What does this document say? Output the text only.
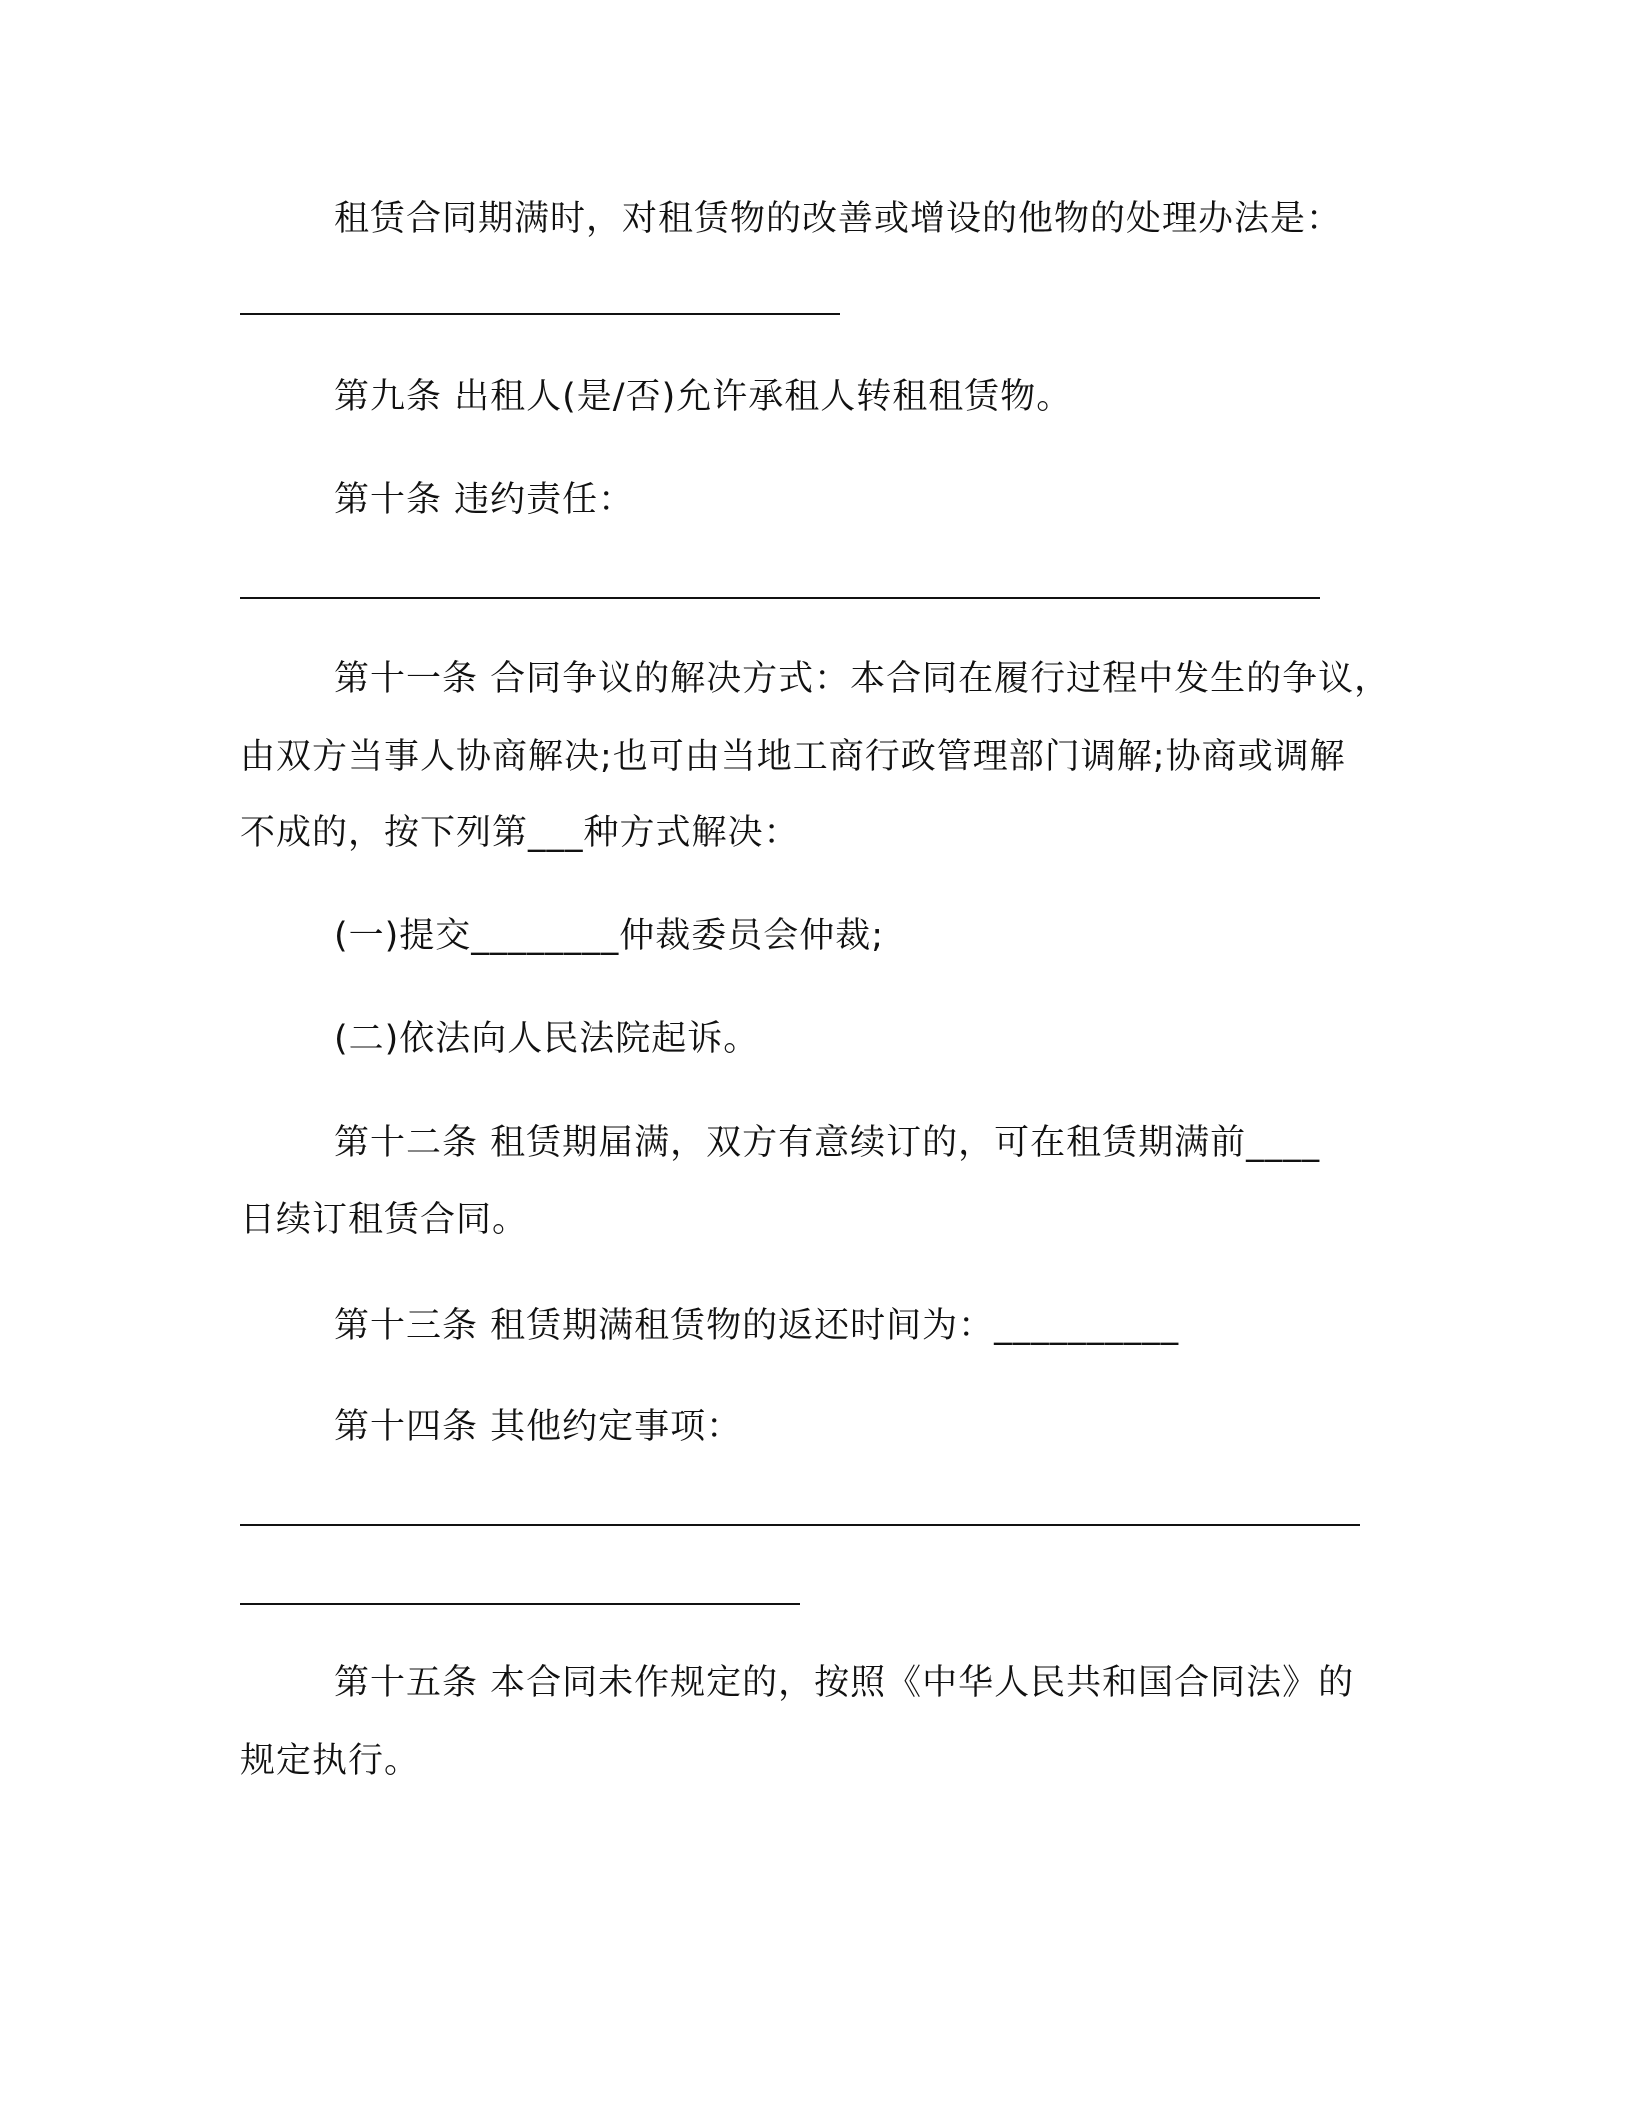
租赁合同期满时，对租赁物的改善或增设的他物的处理办法是：
第九条 出租人(是/否)允许承租人转租租赁物。
第十条 违约责任：
第十一条 合同争议的解决方式：本合同在履行过程中发生的争议，
由双方当事人协商解决;也可由当地工商行政管理部门调解;协商或调解
不成的，按下列第___种方式解决：
(一)提交________仲裁委员会仲裁;
(二)依法向人民法院起诉。
第十二条 租赁期届满，双方有意续订的，可在租赁期满前____
日续订租赁合同。
第十三条 租赁期满租赁物的返还时间为：__________
第十四条 其他约定事项：
第十五条 本合同未作规定的，按照《中华人民共和国合同法》的
规定执行。
